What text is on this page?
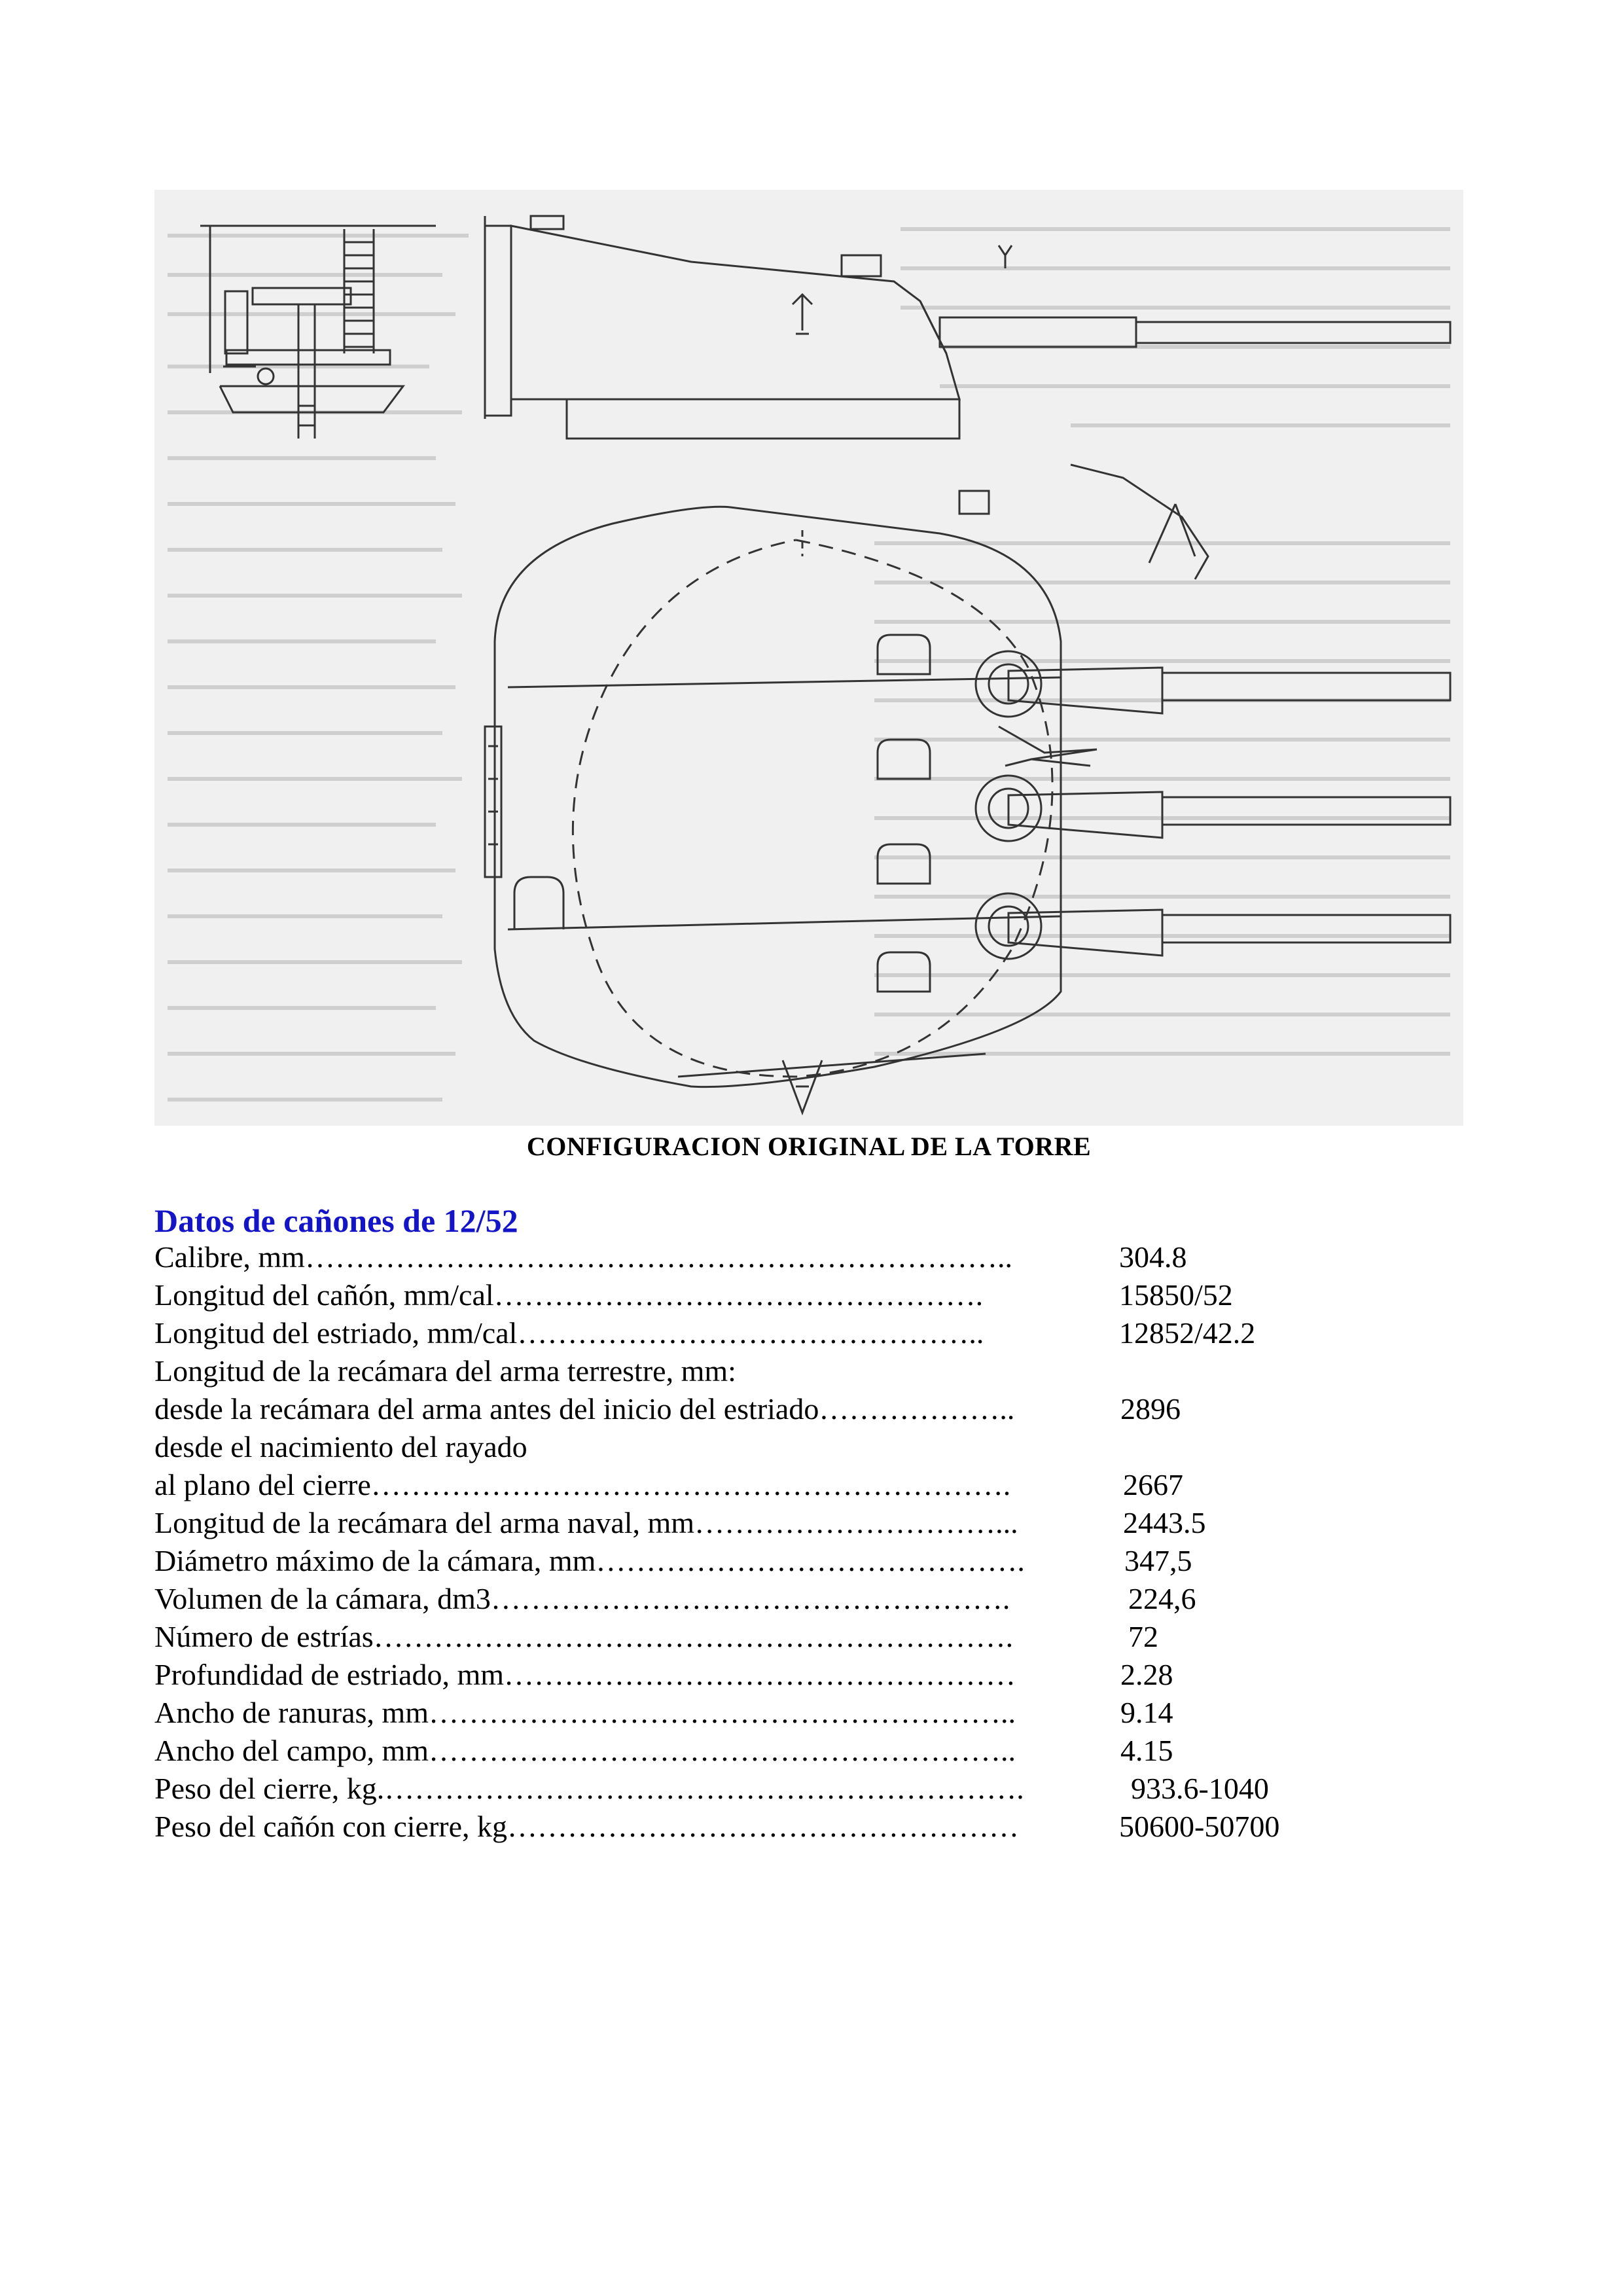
CONFIGURACION ORIGINAL DE LA TORRE
Datos de cañones de 12/52
Calibre, mm……………………………………………………………..	304.8
Longitud del cañón, mm/cal………………………………………….	15850/52
Longitud del estriado, mm/cal………………………………………..	12852/42.2
Longitud de la recámara del arma terrestre, mm:
desde la recámara del arma antes del inicio del estriado………………..	2896
desde el nacimiento del rayado
al plano del cierre……………………………………………………….	2667
Longitud de la recámara del arma naval, mm…………………………...	2443.5
Diámetro máximo de la cámara, mm…………………………………….	347,5
Volumen de la cámara, dm3…………………………………………….	224,6
Número de estrías……………………………………………………….	72
Profundidad de estriado, mm……………………………………………	2.28
Ancho de ranuras, mm…………………………………………………..	9.14
Ancho del campo, mm…………………………………………………..	4.15
Peso del cierre, kg.……………………………………………………….	933.6-1040
Peso del cañón con cierre, kg……………………………………………	50600-50700
